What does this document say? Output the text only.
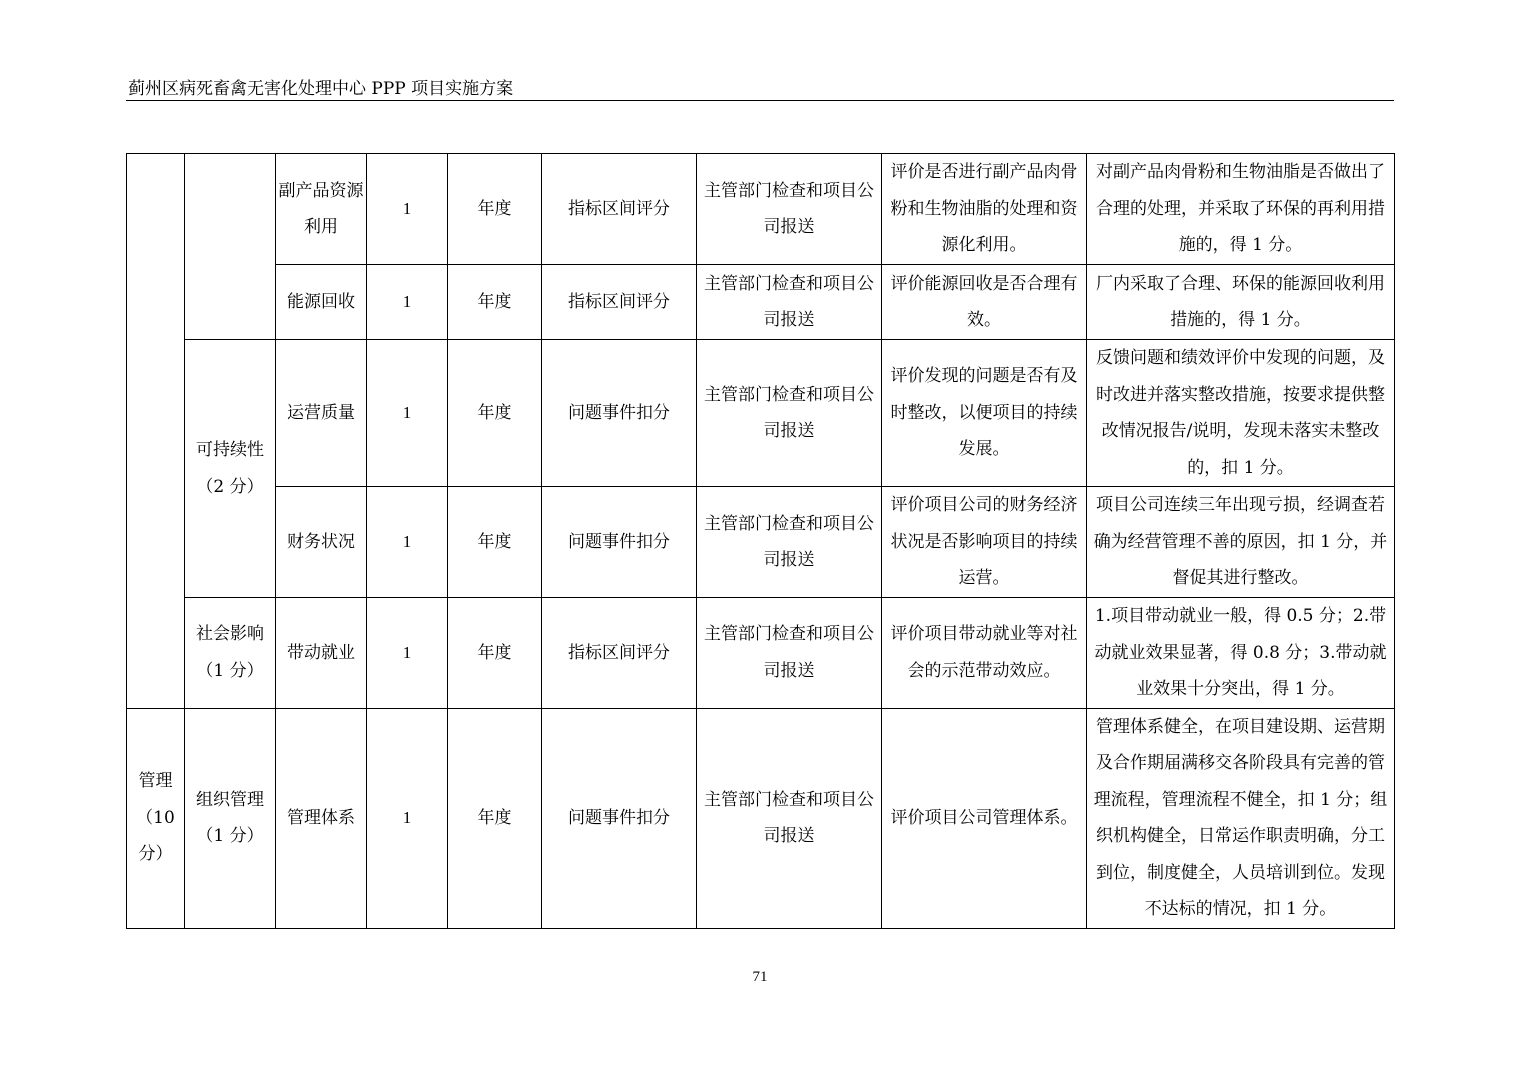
蓟州区病死畜禽无害化处理中心 PPP 项目实施方案
		副产品资源利用	1	年度	指标区间评分	主管部门检查和项目公司报送	评价是否进行副产品肉骨粉和生物油脂的处理和资源化利用。	对副产品肉骨粉和生物油脂是否做出了合理的处理，并采取了环保的再利用措施的，得 1 分。
		能源回收	1	年度	指标区间评分	主管部门检查和项目公司报送	评价能源回收是否合理有效。	厂内采取了合理、环保的能源回收利用措施的，得 1 分。
	可持续性（2 分）	运营质量	1	年度	问题事件扣分	主管部门检查和项目公司报送	评价发现的问题是否有及时整改，以便项目的持续发展。	反馈问题和绩效评价中发现的问题，及时改进并落实整改措施，按要求提供整改情况报告/说明，发现未落实未整改的，扣 1 分。
		财务状况	1	年度	问题事件扣分	主管部门检查和项目公司报送	评价项目公司的财务经济状况是否影响项目的持续运营。	项目公司连续三年出现亏损，经调查若确为经营管理不善的原因，扣 1 分，并督促其进行整改。
	社会影响（1 分）	带动就业	1	年度	指标区间评分	主管部门检查和项目公司报送	评价项目带动就业等对社会的示范带动效应。	1.项目带动就业一般，得 0.5 分；2.带动就业效果显著，得 0.8 分；3.带动就业效果十分突出，得 1 分。
管理（10 分）	组织管理（1 分）	管理体系	1	年度	问题事件扣分	主管部门检查和项目公司报送	评价项目公司管理体系。	管理体系健全，在项目建设期、运营期及合作期届满移交各阶段具有完善的管理流程，管理流程不健全，扣 1 分；组织机构健全，日常运作职责明确，分工到位，制度健全，人员培训到位。发现不达标的情况，扣 1 分。
71
